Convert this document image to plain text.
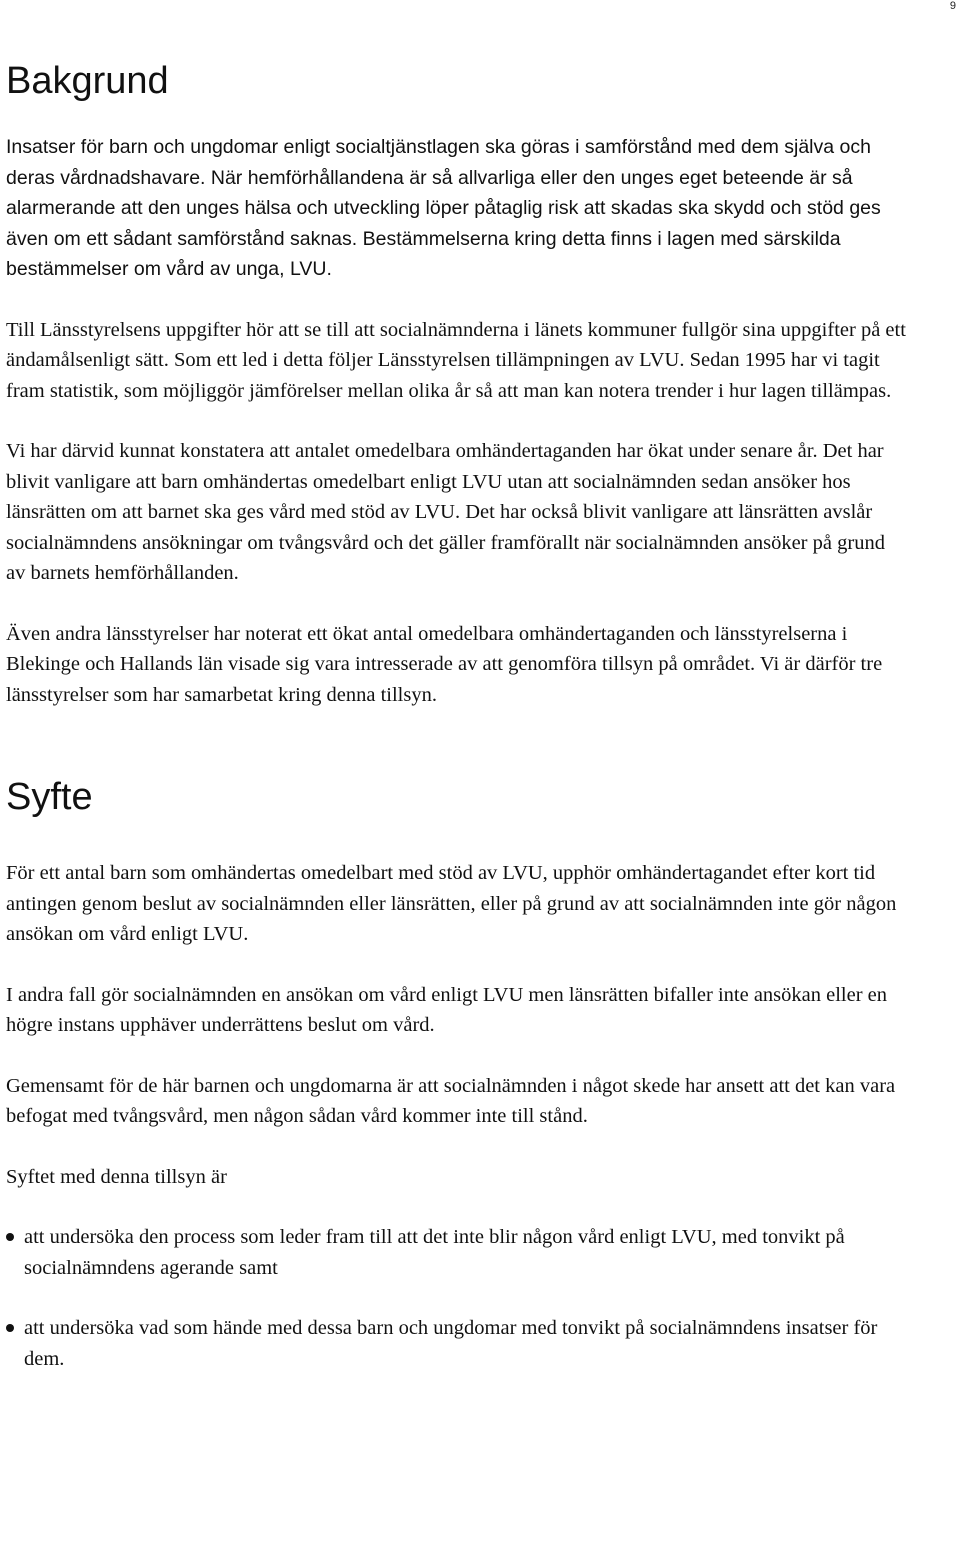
9
Bakgrund

Insatser för barn och ungdomar enligt socialtjänstlagen ska göras i samförstånd med dem själva och deras vårdnadshavare. När hemförhållandena är så allvarliga eller den unges eget beteende är så alarmerande att den unges hälsa och utveckling löper påtaglig risk att skadas ska skydd och stöd ges även om ett sådant samförstånd saknas. Bestämmelserna kring detta finns i lagen med särskilda bestämmelser om vård av unga, LVU.

Till Länsstyrelsens uppgifter hör att se till att socialnämnderna i länets kommuner fullgör sina uppgifter på ett ändamålsenligt sätt. Som ett led i detta följer Länsstyrelsen tillämpningen av LVU. Sedan 1995 har vi tagit fram statistik, som möjliggör jämförelser mellan olika år så att man kan notera trender i hur lagen tillämpas.

Vi har därvid kunnat konstatera att antalet omedelbara omhändertaganden har ökat under senare år. Det har blivit vanligare att barn omhändertas omedelbart enligt LVU utan att socialnämnden sedan ansöker hos länsrätten om att barnet ska ges vård med stöd av LVU. Det har också blivit vanligare att länsrätten avslår socialnämndens ansökningar om tvångsvård och det gäller framförallt när socialnämnden ansöker på grund av barnets hemförhållanden.

Även andra länsstyrelser har noterat ett ökat antal omedelbara omhändertaganden och länsstyrelserna i Blekinge och Hallands län visade sig vara intresserade av att genomföra tillsyn på området. Vi är därför tre länsstyrelser som har samarbetat kring denna tillsyn.

Syfte

För ett antal barn som omhändertas omedelbart med stöd av LVU, upphör omhändertagandet efter kort tid antingen genom beslut av socialnämnden eller länsrätten, eller på grund av att socialnämnden inte gör någon ansökan om vård enligt LVU.

I andra fall gör socialnämnden en ansökan om vård enligt LVU men länsrätten bifaller inte ansökan eller en högre instans upphäver underrättens beslut om vård.

Gemensamt för de här barnen och ungdomarna är att socialnämnden i något skede har ansett att det kan vara befogat med tvångsvård, men någon sådan vård kommer inte till stånd.

Syftet med denna tillsyn är

att undersöka den process som leder fram till att det inte blir någon vård enligt LVU, med tonvikt på socialnämndens agerande samt
att undersöka vad som hände med dessa barn och ungdomar med tonvikt på socialnämndens insatser för dem.
